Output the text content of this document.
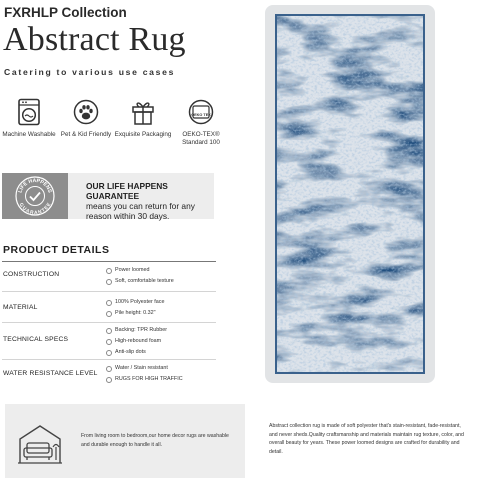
FXRHLP Collection
Abstract Rug
Catering to various use cases
Machine Washable Pet & Kid Friendly Exquisite Packaging
OEKO TEX
OEKO-TEX® Standard 100
LIFE HAPPENS
GUARANTEE
OUR LIFE HAPPENS GUARANTEE
means you can return for any reason within 30 days.
PRODUCT DETAILS
CONSTRUCTION
Power loomed
Soft, comfortable texture
MATERIAL
100% Polyester face
Pile height: 0.32"
TECHNICAL SPECS
Backing: TPR Rubber
High-rebound foam
Anti-slip dots
WATER RESISTANCE LEVEL
Water / Stain resistant
RUGS FOR HIGH TRAFFIC
From living room to bedroom,our home decor rugs are washable and durable enough to handle it all.
Abstract collection rug is made of soft polyester that's stain-resistant, fade-resistant, and never sheds.Quality craftsmanship and materials maintain rug texture, color, and overall beauty for years. These power loomed designs are crafted for durability and detail.
